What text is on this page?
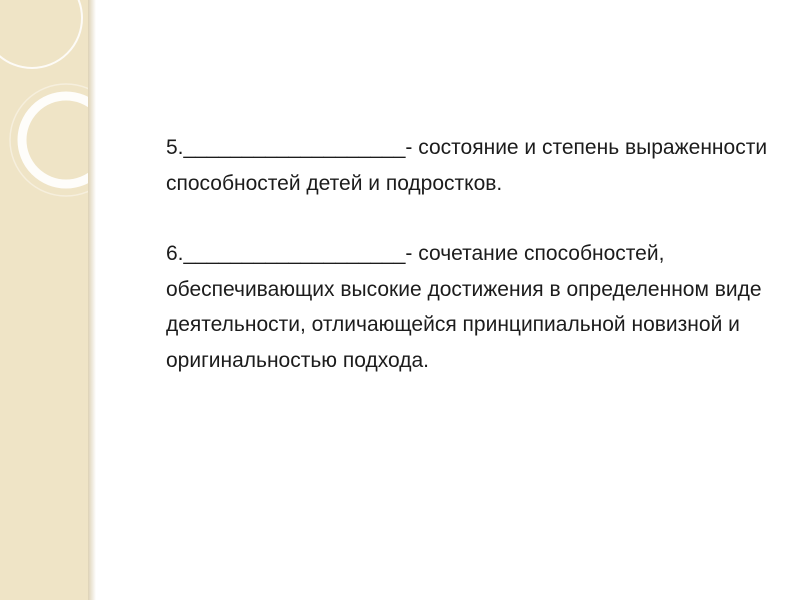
5.___________________- состояние и степень выраженности способностей детей и подростков.

6.___________________- сочетание способностей, обеспечивающих высокие достижения в определенном виде деятельности, отличающейся принципиальной новизной и оригинальностью подхода.
